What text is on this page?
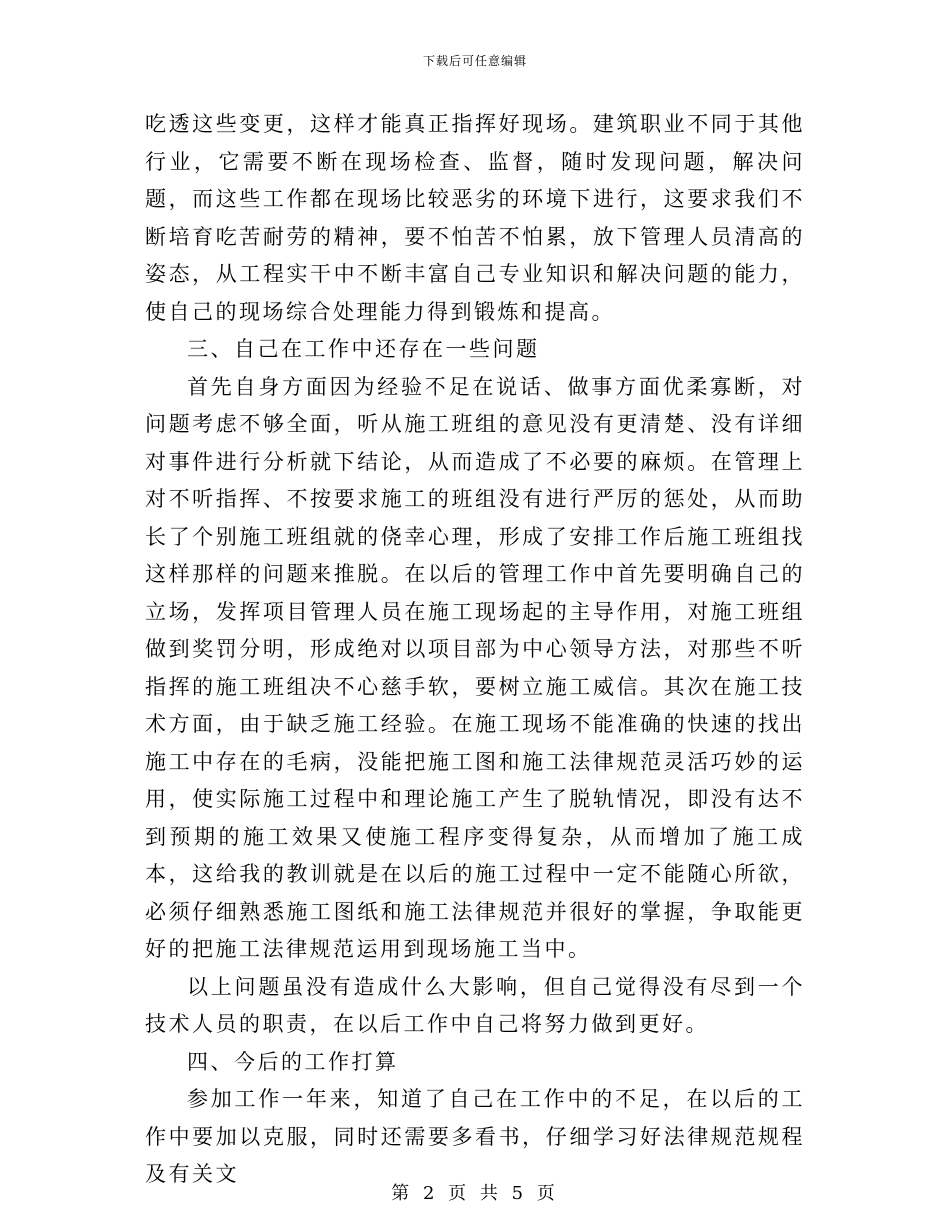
下载后可任意编辑

吃透这些变更，这样才能真正指挥好现场。建筑职业不同于其他行业，它需要不断在现场检查、监督，随时发现问题，解决问题，而这些工作都在现场比较恶劣的环境下进行，这要求我们不断培育吃苦耐劳的精神，要不怕苦不怕累，放下管理人员清高的姿态，从工程实干中不断丰富自己专业知识和解决问题的能力，使自己的现场综合处理能力得到锻炼和提高。

三、自己在工作中还存在一些问题

首先自身方面因为经验不足在说话、做事方面优柔寡断，对问题考虑不够全面，听从施工班组的意见没有更清楚、没有详细对事件进行分析就下结论，从而造成了不必要的麻烦。在管理上对不听指挥、不按要求施工的班组没有进行严厉的惩处，从而助长了个别施工班组就的侥幸心理，形成了安排工作后施工班组找这样那样的问题来推脱。在以后的管理工作中首先要明确自己的立场，发挥项目管理人员在施工现场起的主导作用，对施工班组做到奖罚分明，形成绝对以项目部为中心领导方法，对那些不听指挥的施工班组决不心慈手软，要树立施工威信。其次在施工技术方面，由于缺乏施工经验。在施工现场不能准确的快速的找出施工中存在的毛病，没能把施工图和施工法律规范灵活巧妙的运用，使实际施工过程中和理论施工产生了脱轨情况，即没有达不到预期的施工效果又使施工程序变得复杂，从而增加了施工成本，这给我的教训就是在以后的施工过程中一定不能随心所欲，必须仔细熟悉施工图纸和施工法律规范并很好的掌握，争取能更好的把施工法律规范运用到现场施工当中。

以上问题虽没有造成什么大影响，但自己觉得没有尽到一个技术人员的职责，在以后工作中自己将努力做到更好。

四、今后的工作打算

参加工作一年来，知道了自己在工作中的不足，在以后的工作中要加以克服，同时还需要多看书，仔细学习好法律规范规程及有关文

第 2 页 共 5 页
